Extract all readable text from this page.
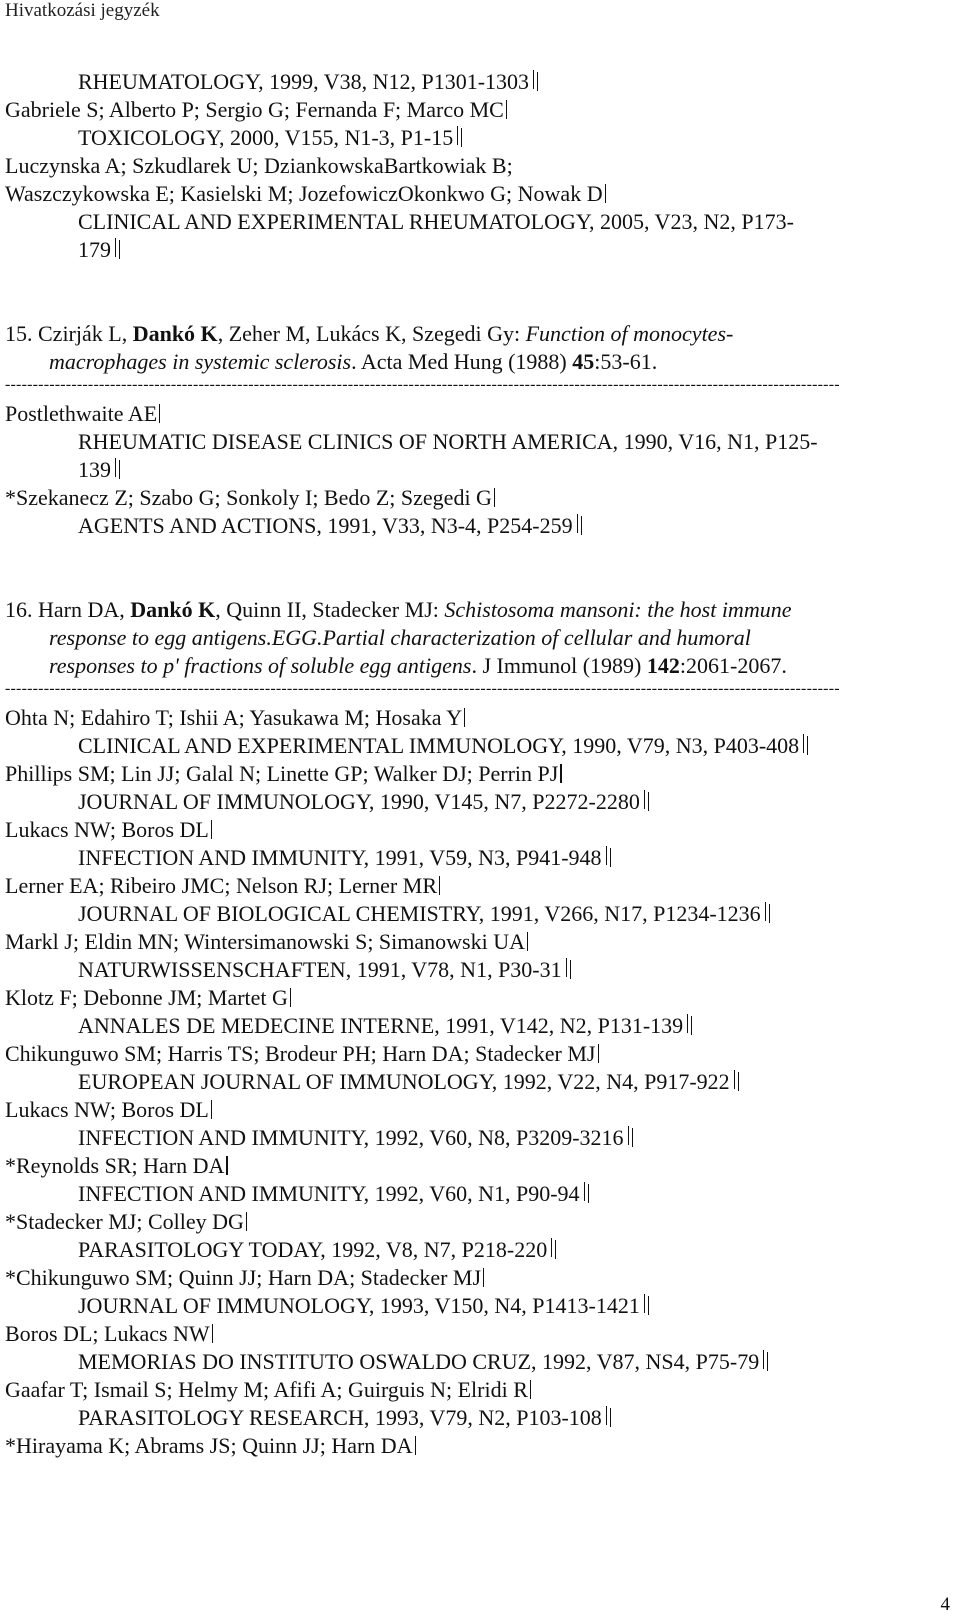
Hivatkozási jegyzék
RHEUMATOLOGY, 1999, V38, N12, P1301-1303
Gabriele S; Alberto P; Sergio G; Fernanda F; Marco MC
TOXICOLOGY, 2000, V155, N1-3, P1-15
Luczynska A; Szkudlarek U; DziankowskaBartkowiak B;
Waszczykowska E; Kasielski M; JozefowiczOkonkwo G; Nowak D
CLINICAL AND EXPERIMENTAL RHEUMATOLOGY, 2005, V23, N2, P173-
179
15. Czirják L, Dankó K, Zeher M, Lukács K, Szegedi Gy: Function of monocytes-
macrophages in systemic sclerosis. Acta Med Hung (1988) 45:53-61.
-------------------------------------------------------------------------------------------------------------------------------------------------------
Postlethwaite AE
RHEUMATIC DISEASE CLINICS OF NORTH AMERICA, 1990, V16, N1, P125-
139
*Szekanecz Z; Szabo G; Sonkoly I; Bedo Z; Szegedi G
AGENTS AND ACTIONS, 1991, V33, N3-4, P254-259
16. Harn DA, Dankó K, Quinn II, Stadecker MJ: Schistosoma mansoni: the host immune
response to egg antigens.EGG.Partial characterization of cellular and humoral
responses to p' fractions of soluble egg antigens. J Immunol (1989) 142:2061-2067.
-------------------------------------------------------------------------------------------------------------------------------------------------------
Ohta N; Edahiro T; Ishii A; Yasukawa M; Hosaka Y
CLINICAL AND EXPERIMENTAL IMMUNOLOGY, 1990, V79, N3, P403-408
Phillips SM; Lin JJ; Galal N; Linette GP; Walker DJ; Perrin PJ
JOURNAL OF IMMUNOLOGY, 1990, V145, N7, P2272-2280
Lukacs NW; Boros DL
INFECTION AND IMMUNITY, 1991, V59, N3, P941-948
Lerner EA; Ribeiro JMC; Nelson RJ; Lerner MR
JOURNAL OF BIOLOGICAL CHEMISTRY, 1991, V266, N17, P1234-1236
Markl J; Eldin MN; Wintersimanowski S; Simanowski UA
NATURWISSENSCHAFTEN, 1991, V78, N1, P30-31
Klotz F; Debonne JM; Martet G
ANNALES DE MEDECINE INTERNE, 1991, V142, N2, P131-139
Chikunguwo SM; Harris TS; Brodeur PH; Harn DA; Stadecker MJ
EUROPEAN JOURNAL OF IMMUNOLOGY, 1992, V22, N4, P917-922
Lukacs NW; Boros DL
INFECTION AND IMMUNITY, 1992, V60, N8, P3209-3216
*Reynolds SR; Harn DA
INFECTION AND IMMUNITY, 1992, V60, N1, P90-94
*Stadecker MJ; Colley DG
PARASITOLOGY TODAY, 1992, V8, N7, P218-220
*Chikunguwo SM; Quinn JJ; Harn DA; Stadecker MJ
JOURNAL OF IMMUNOLOGY, 1993, V150, N4, P1413-1421
Boros DL; Lukacs NW
MEMORIAS DO INSTITUTO OSWALDO CRUZ, 1992, V87, NS4, P75-79
Gaafar T; Ismail S; Helmy M; Afifi A; Guirguis N; Elridi R
PARASITOLOGY RESEARCH, 1993, V79, N2, P103-108
*Hirayama K; Abrams JS; Quinn JJ; Harn DA
4
